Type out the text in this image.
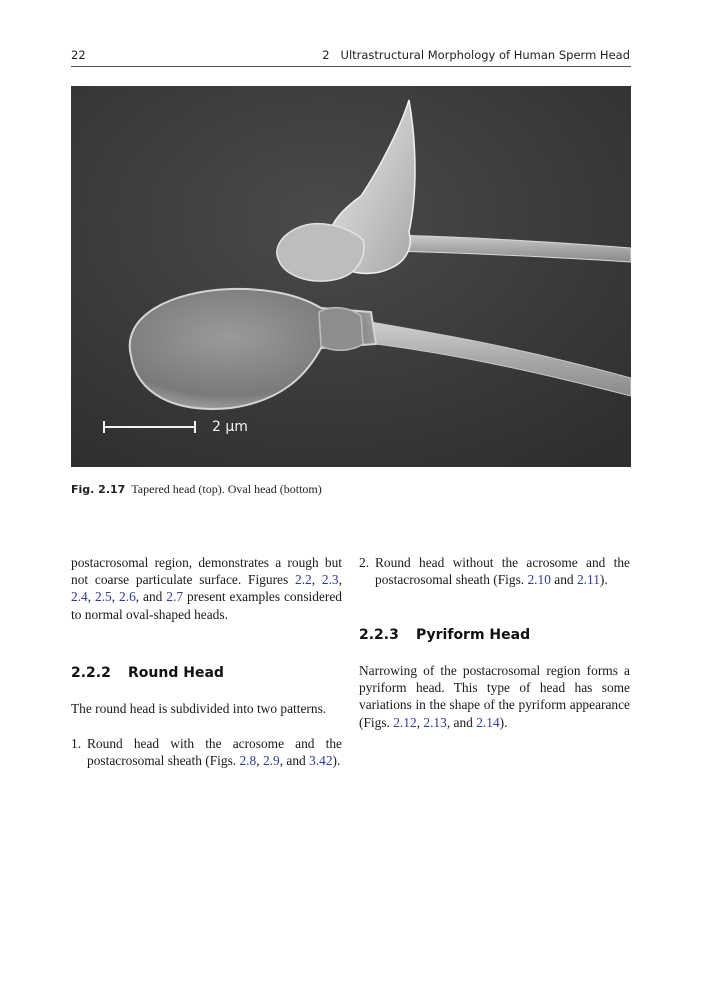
22	2   Ultrastructural Morphology of Human Sperm Head
2 µm
Fig. 2.17 Tapered head (top). Oval head (bottom)

postacrosomal region, demonstrates a rough but not coarse particulate surface. Figures 2.2, 2.3, 2.4, 2.5, 2.6, and 2.7 present examples considered to normal oval-shaped heads.

2.2.2 Round Head

The round head is subdivided into two patterns.

1. Round head with the acrosome and the postacrosomal sheath (Figs. 2.8, 2.9, and 3.42).
2. Round head without the acrosome and the postacrosomal sheath (Figs. 2.10 and 2.11).
2.2.3 Pyriform Head

Narrowing of the postacrosomal region forms a pyriform head. This type of head has some variations in the shape of the pyriform appearance (Figs. 2.12, 2.13, and 2.14).
